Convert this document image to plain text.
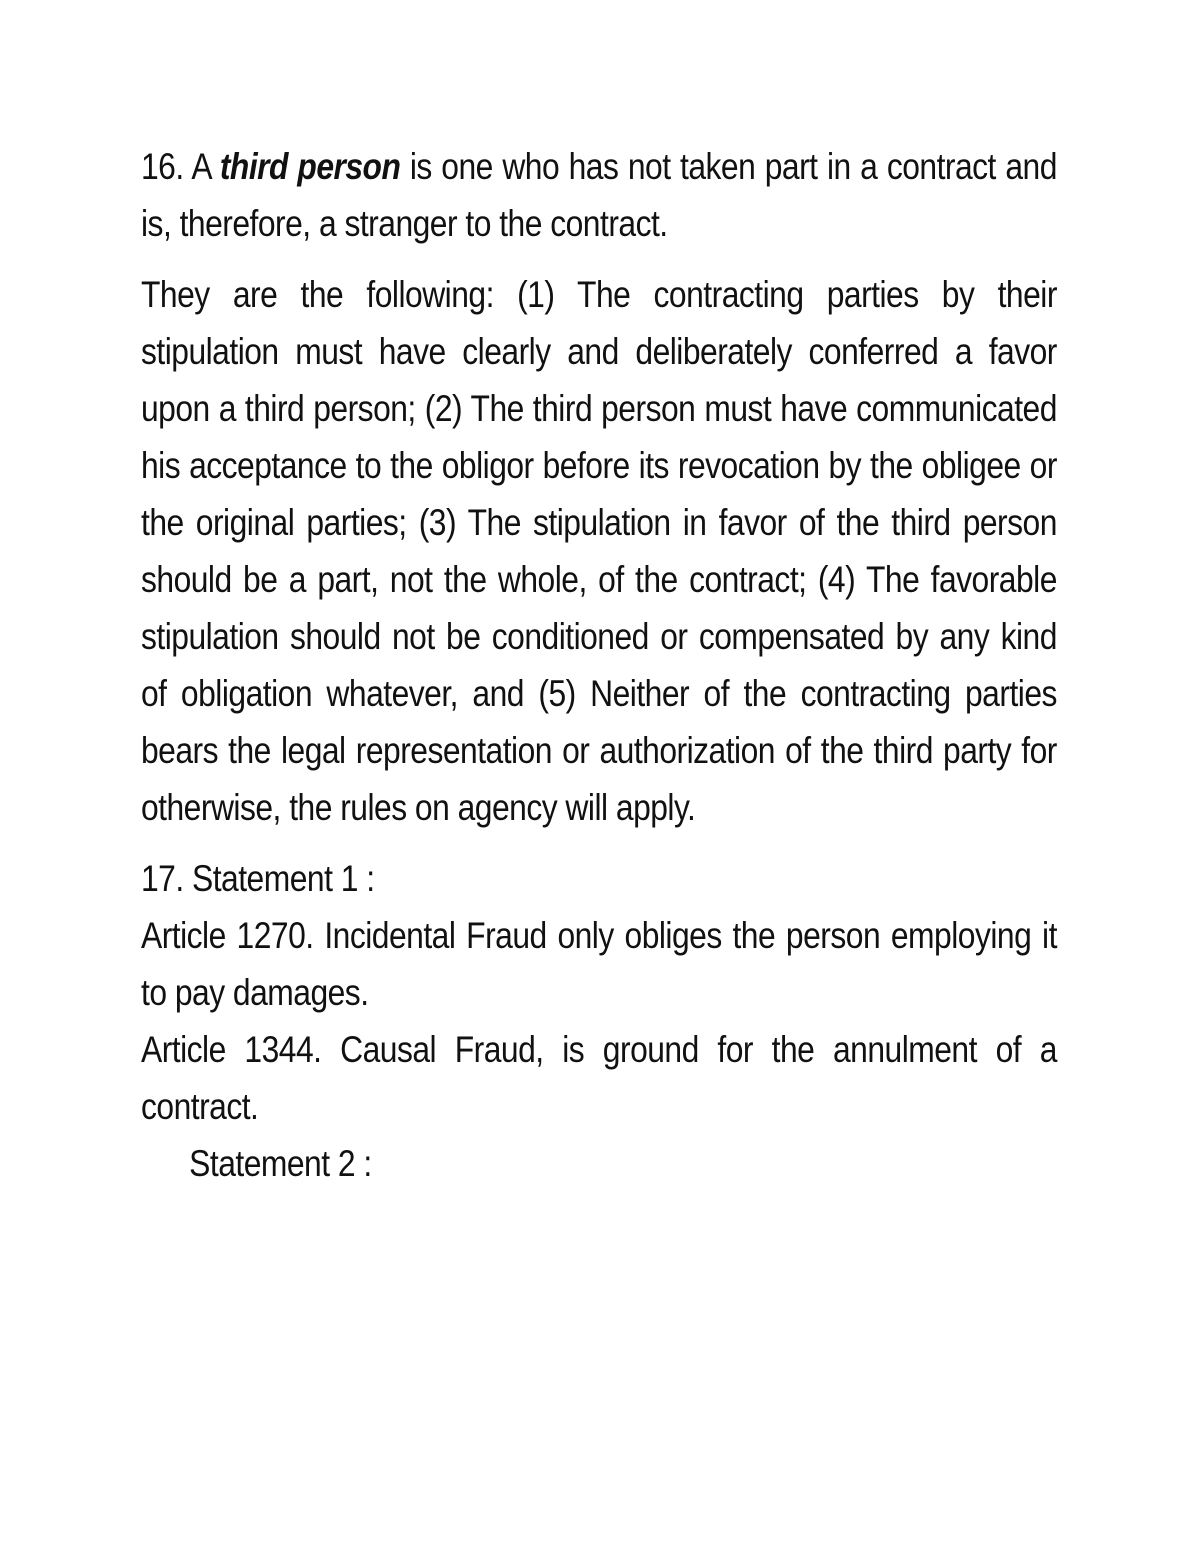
16. A third person is one who has not taken part in a contract and is, therefore, a stranger to the contract.

They are the following: (1) The contracting parties by their stipulation must have clearly and deliberately conferred a favor upon a third person; (2) The third person must have communicated his acceptance to the obligor before its revocation by the obligee or the original parties; (3) The stipulation in favor of the third person should be a part, not the whole, of the contract; (4) The favorable stipulation should not be conditioned or compensated by any kind of obligation whatever, and (5) Neither of the contracting parties bears the legal representation or authorization of the third party for otherwise, the rules on agency will apply.

17. Statement 1 :

Article 1270. Incidental Fraud only obliges the person employing it to pay damages.

Article 1344. Causal Fraud, is ground for the annulment of a contract.

Statement 2 :
